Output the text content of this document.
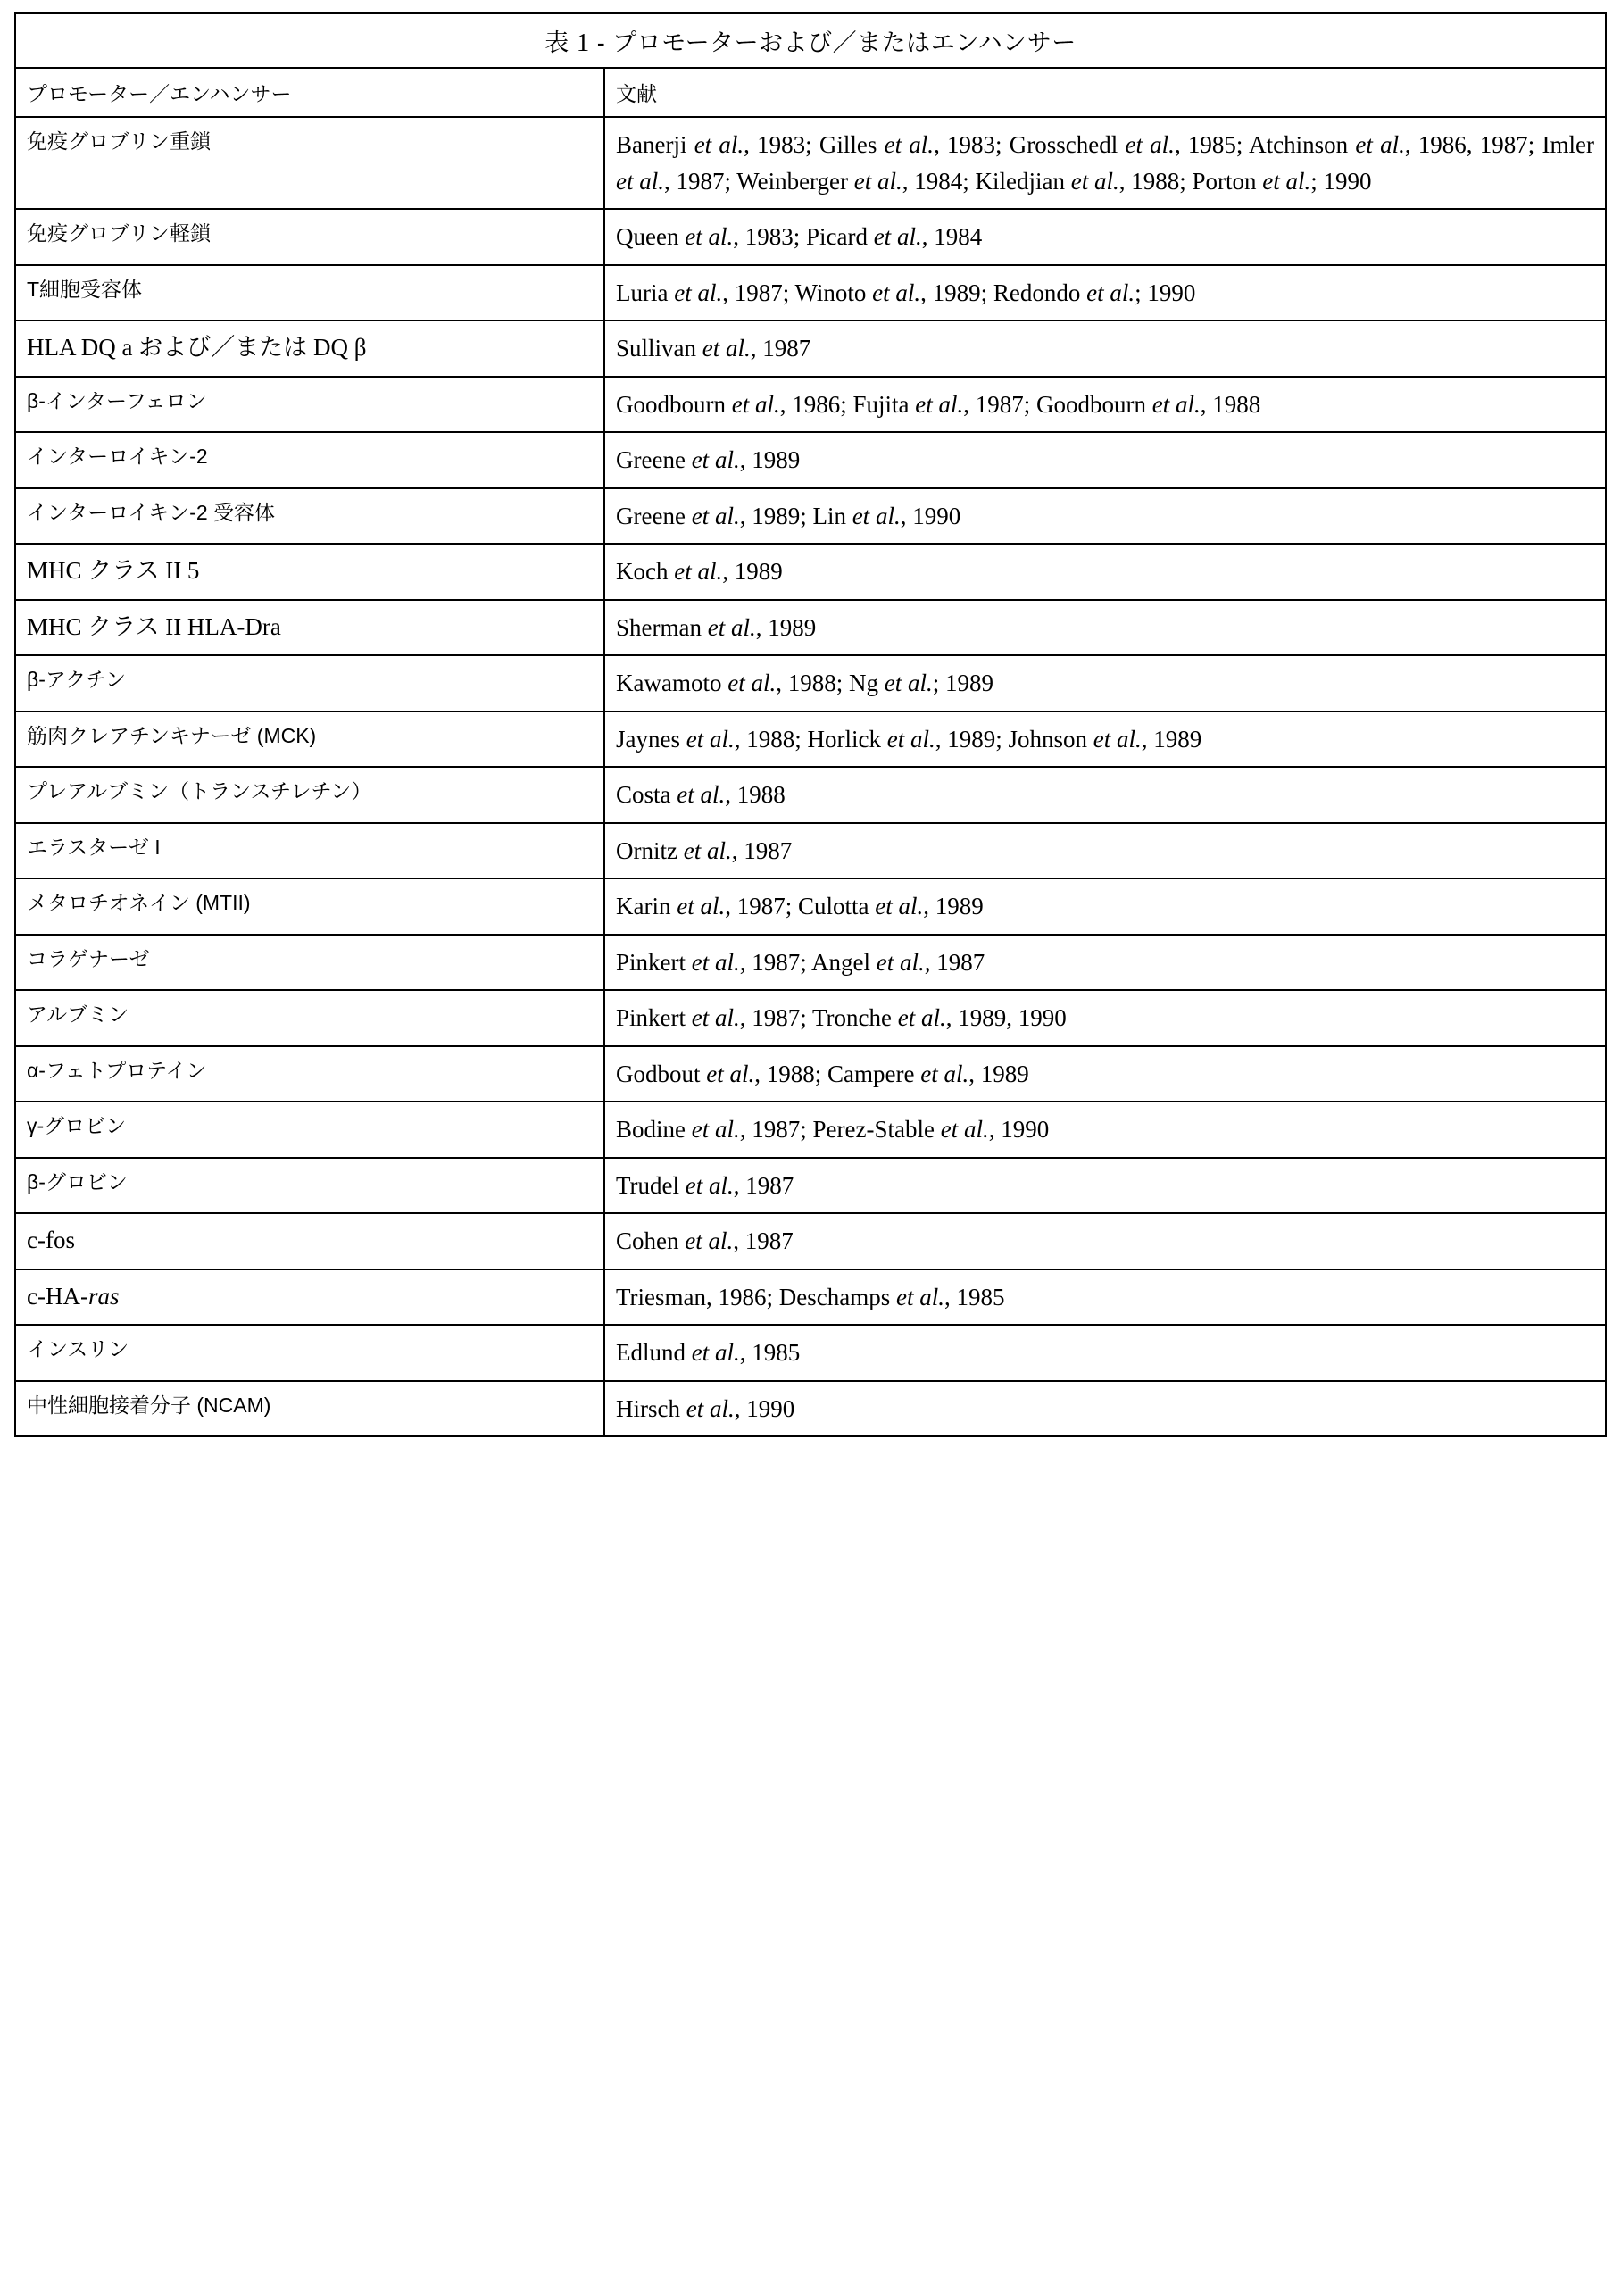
表 1 - プロモーターおよび／またはエンハンサー	
プロモーター／エンハンサー	文献
免疫グロブリン重鎖	Banerji et al., 1983; Gilles et al., 1983; Grosschedl et al., 1985; Atchinson et al., 1986, 1987; Imler et al., 1987; Weinberger et al., 1984; Kiledjian et al., 1988; Porton et al.; 1990
免疫グロブリン軽鎖	Queen et al., 1983; Picard et al., 1984
Τ細胞受容体	Luria et al., 1987; Winoto et al., 1989; Redondo et al.; 1990
HLA DQ a および／または DQ β	Sullivan et al., 1987
β-インターフェロン	Goodbourn et al., 1986; Fujita et al., 1987; Goodbourn et al., 1988
インターロイキン-2	Greene et al., 1989
インターロイキン-2 受容体	Greene et al., 1989; Lin et al., 1990
MHC クラス II 5	Koch et al., 1989
MHC クラス II HLA-Dra	Sherman et al., 1989
β-アクチン	Kawamoto et al., 1988; Ng et al.; 1989
筋肉クレアチンキナーゼ (MCK)	Jaynes et al., 1988; Horlick et al., 1989; Johnson et al., 1989
プレアルブミン（トランスチレチン）	Costa et al., 1988
エラスターゼ I	Ornitz et al., 1987
メタロチオネイン (MTII)	Karin et al., 1987; Culotta et al., 1989
コラゲナーゼ	Pinkert et al., 1987; Angel et al., 1987
アルブミン	Pinkert et al., 1987; Tronche et al., 1989, 1990
α-フェトプロテイン	Godbout et al., 1988; Campere et al., 1989
γ-グロビン	Bodine et al., 1987; Perez-Stable et al., 1990
β-グロビン	Trudel et al., 1987
c-fos	Cohen et al., 1987
c-HA-ras	Triesman, 1986; Deschamps et al., 1985
インスリン	Edlund et al., 1985
中性細胞接着分子 (NCAM)	Hirsch et al., 1990
